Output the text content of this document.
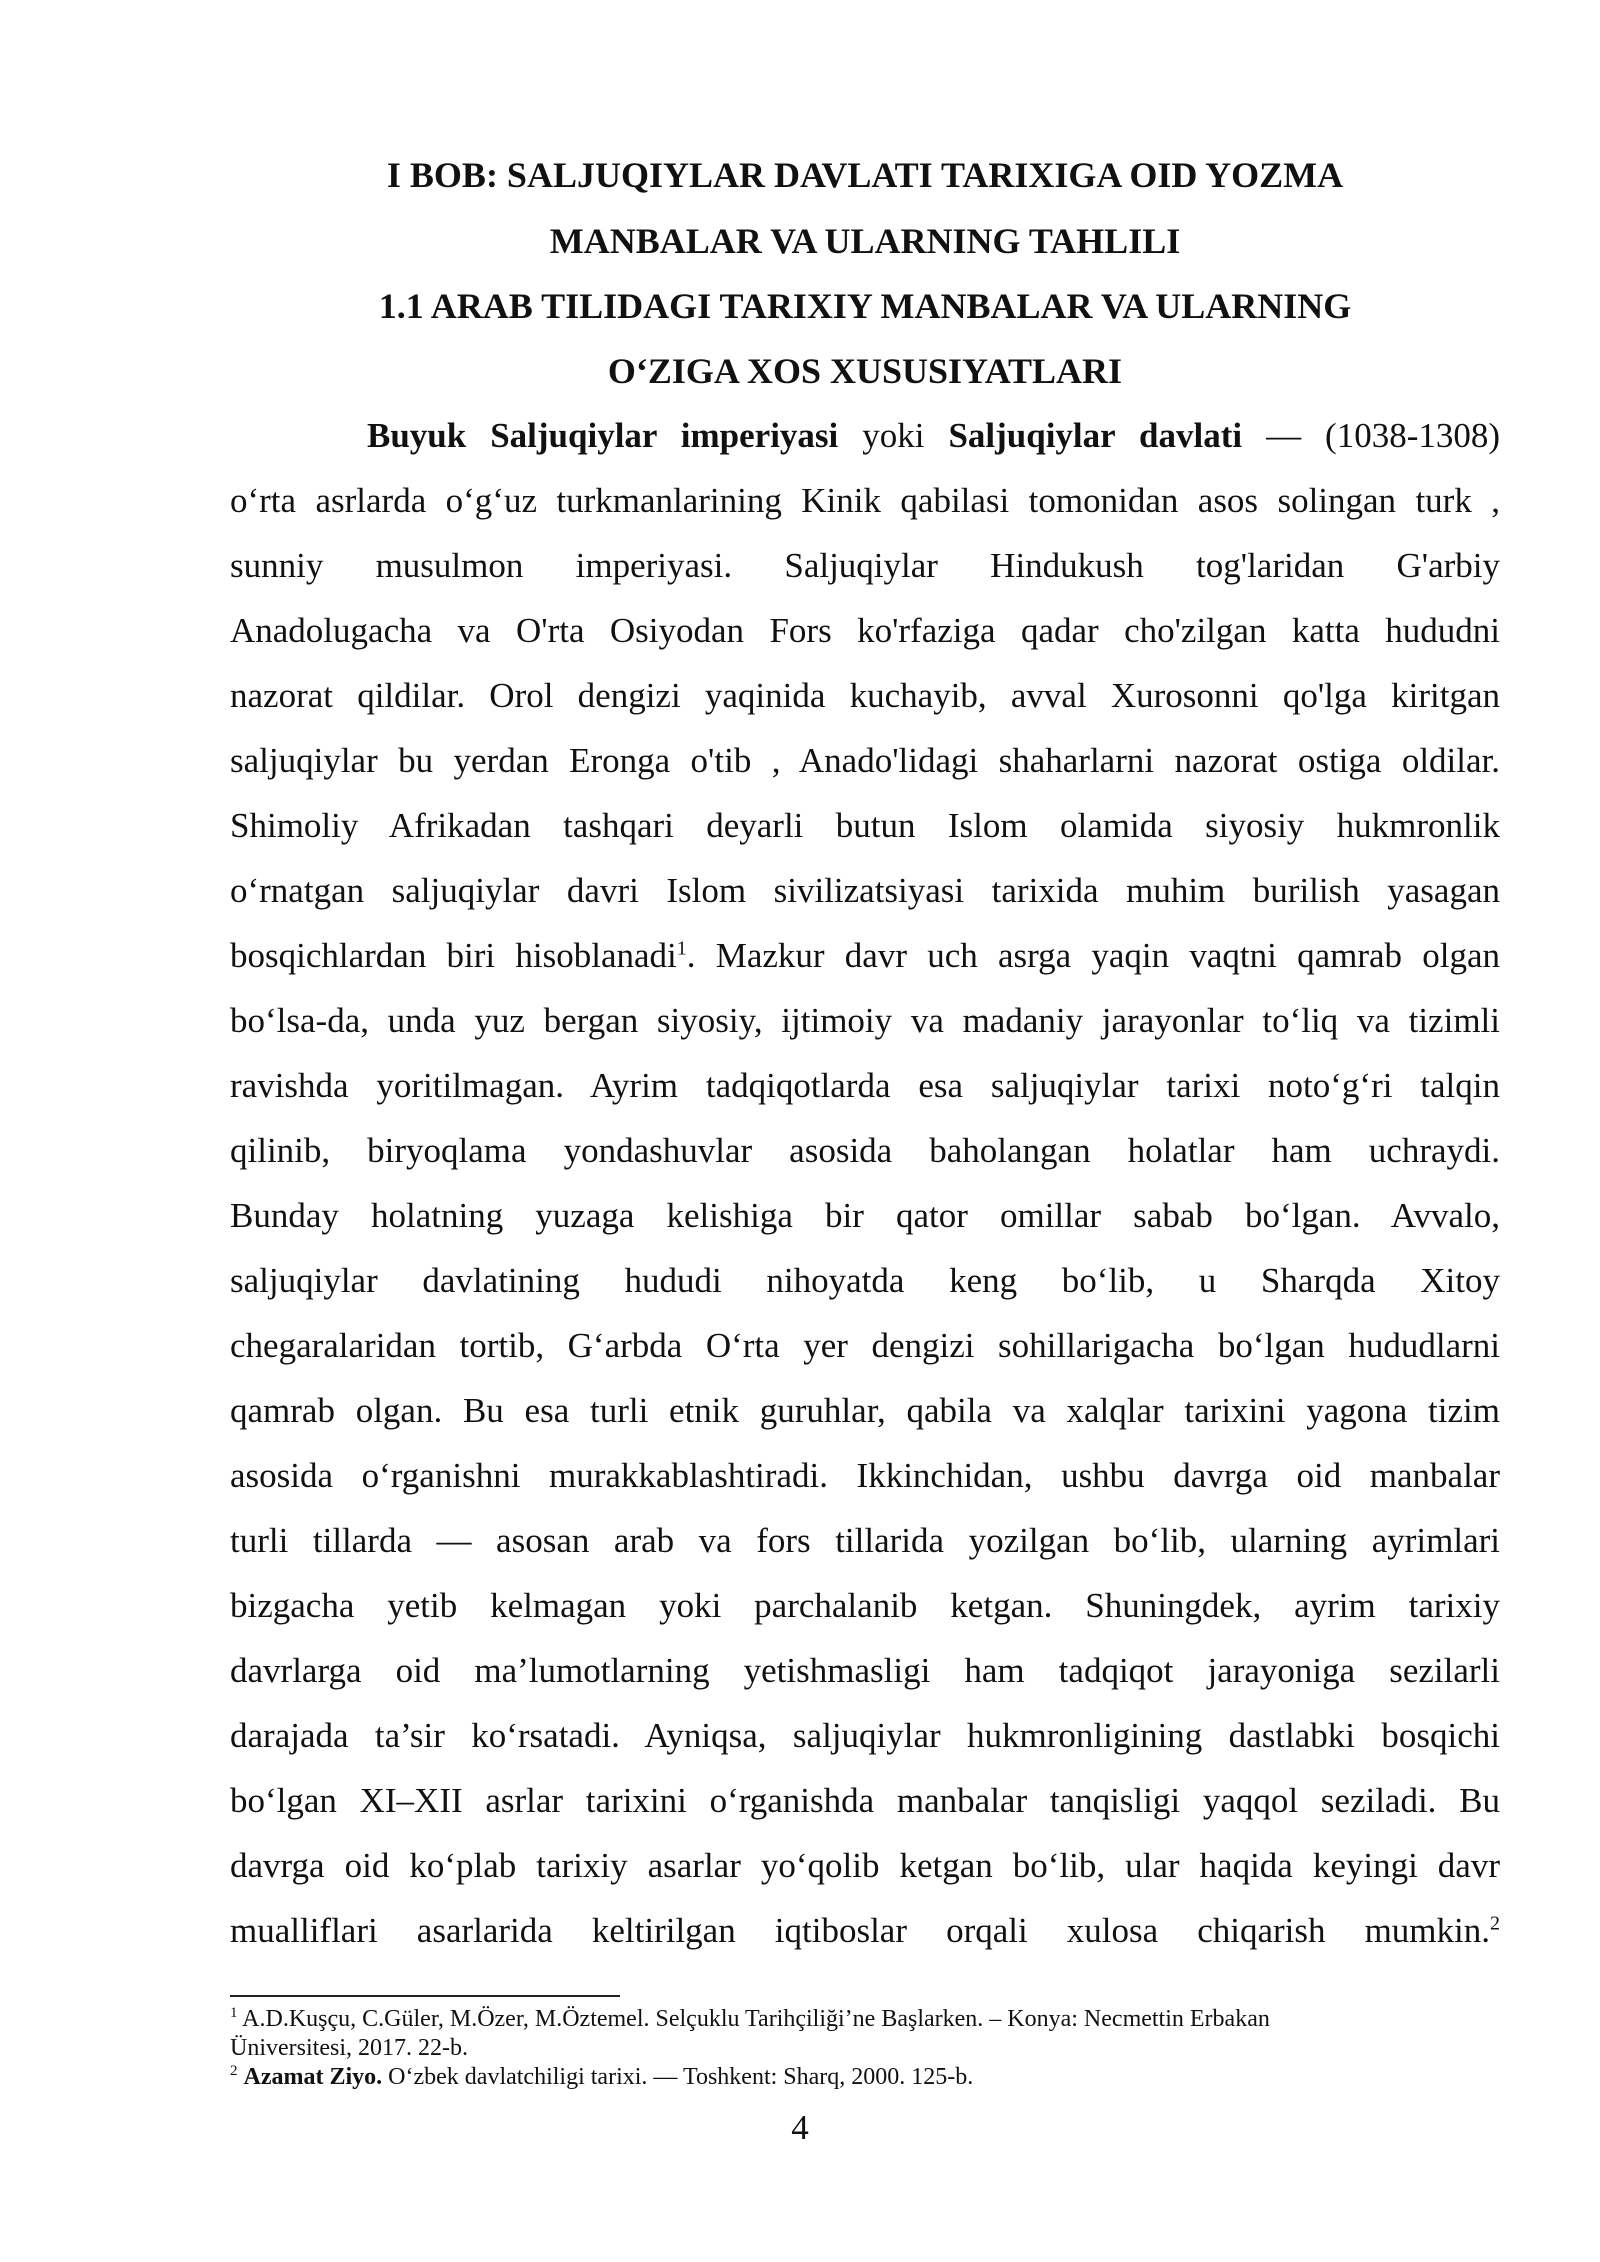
I BOB: SALJUQIYLAR DAVLATI TARIXIGA OID YOZMA
MANBALAR VA ULARNING TAHLILI
1.1 ARAB TILIDAGI TARIXIY MANBALAR VA ULARNING
O‘ZIGA XOS XUSUSIYATLARI
Buyuk Saljuqiylar imperiyasi yoki Saljuqiylar davlati — (1038-1308)
o‘rta asrlarda o‘g‘uz turkmanlarining Kinik qabilasi tomonidan asos solingan turk ,
sunniy musulmon imperiyasi. Saljuqiylar Hindukush tog'laridan G'arbiy
Anadolugacha va O'rta Osiyodan Fors ko'rfaziga qadar cho'zilgan katta hududni
nazorat qildilar. Orol dengizi yaqinida kuchayib, avval Xurosonni qo'lga kiritgan
saljuqiylar bu yerdan Eronga o'tib , Anado'lidagi shaharlarni nazorat ostiga oldilar.
Shimoliy Afrikadan tashqari deyarli butun Islom olamida siyosiy hukmronlik
o‘rnatgan saljuqiylar davri Islom sivilizatsiyasi tarixida muhim burilish yasagan
bosqichlardan biri hisoblanadi$^1$. Mazkur davr uch asrga yaqin vaqtni qamrab olgan
bo‘lsa-da, unda yuz bergan siyosiy, ijtimoiy va madaniy jarayonlar to‘liq va tizimli
ravishda yoritilmagan. Ayrim tadqiqotlarda esa saljuqiylar tarixi noto‘g‘ri talqin
qilinib, biryoqlama yondashuvlar asosida baholangan holatlar ham uchraydi.
Bunday holatning yuzaga kelishiga bir qator omillar sabab bo‘lgan. Avvalo,
saljuqiylar davlatining hududi nihoyatda keng bo‘lib, u Sharqda Xitoy
chegaralaridan tortib, G‘arbda O‘rta yer dengizi sohillarigacha bo‘lgan hududlarni
qamrab olgan. Bu esa turli etnik guruhlar, qabila va xalqlar tarixini yagona tizim
asosida o‘rganishni murakkablashtiradi. Ikkinchidan, ushbu davrga oid manbalar
turli tillarda — asosan arab va fors tillarida yozilgan bo‘lib, ularning ayrimlari
bizgacha yetib kelmagan yoki parchalanib ketgan. Shuningdek, ayrim tarixiy
davrlarga oid ma’lumotlarning yetishmasligi ham tadqiqot jarayoniga sezilarli
darajada ta’sir ko‘rsatadi. Ayniqsa, saljuqiylar hukmronligining dastlabki bosqichi
bo‘lgan XI–XII asrlar tarixini o‘rganishda manbalar tanqisligi yaqqol seziladi. Bu
davrga oid ko‘plab tarixiy asarlar yo‘qolib ketgan bo‘lib, ular haqida keyingi davr
mualliflari asarlarida keltirilgan iqtiboslar orqali xulosa chiqarish mumkin.$^2$
$^1$ A.D.Kuşçu, C.Güler, M.Özer, M.Öztemel. Selçuklu Tarihçiliği’ne Başlarken. – Konya: Necmettin Erbakan
Üniversitesi, 2017. 22-b.
$^2$ Azamat Ziyo. O‘zbek davlatchiligi tarixi. — Toshkent: Sharq, 2000. 125-b.
4
